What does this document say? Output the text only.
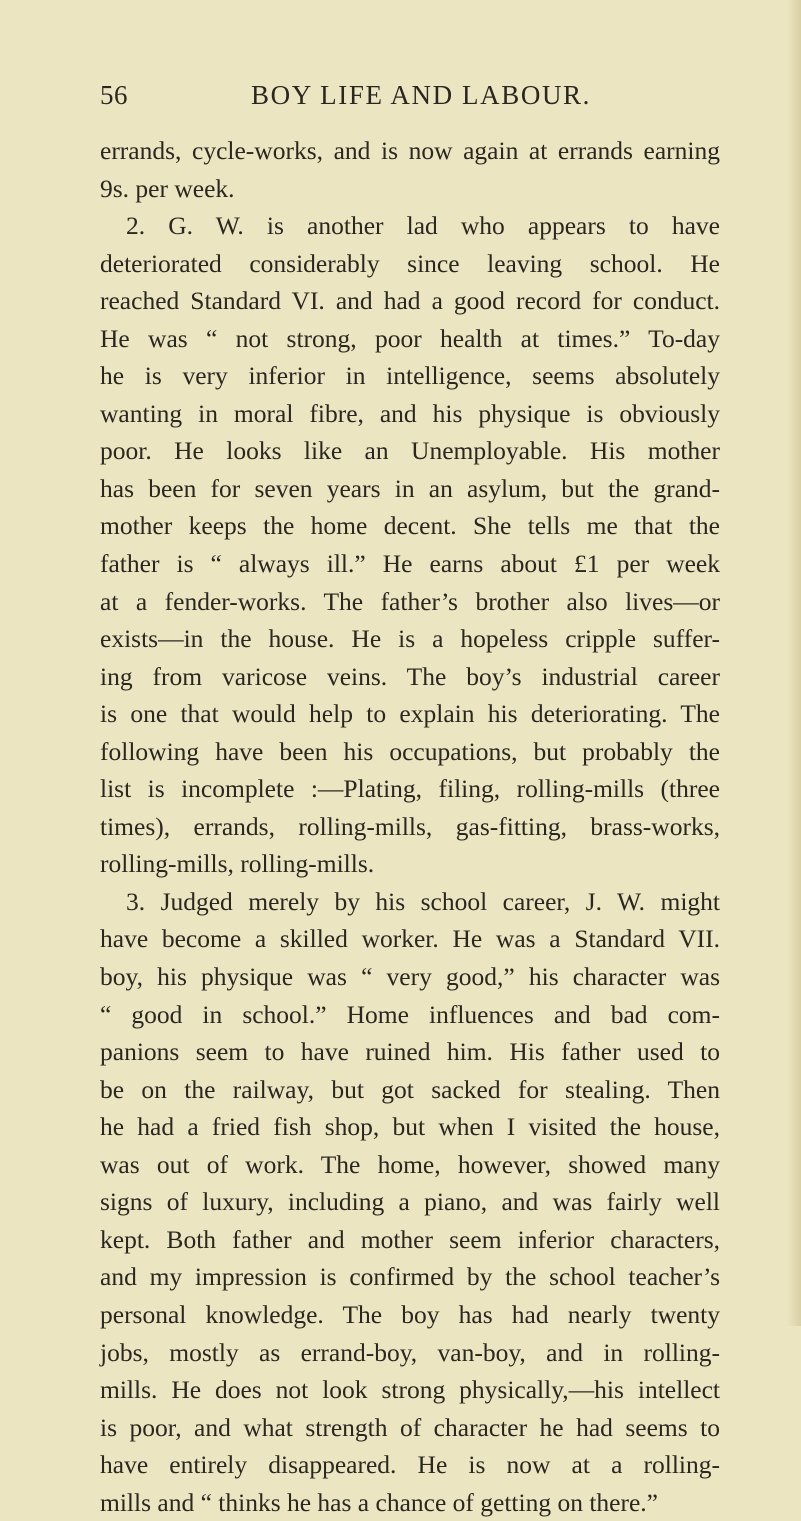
56	BOY LIFE AND LABOUR.

errands, cycle-works, and is now again at errands earning

9s. per week.

2. G. W. is another lad who appears to have

deteriorated considerably since leaving school. He

reached Standard VI. and had a good record for conduct.

He was “ not strong, poor health at times.” To-day

he is very inferior in intelligence, seems absolutely

wanting in moral fibre, and his physique is obviously

poor. He looks like an Unemployable. His mother

has been for seven years in an asylum, but the grand-

mother keeps the home decent. She tells me that the

father is “ always ill.” He earns about £1 per week

at a fender-works. The father’s brother also lives—or

exists—in the house. He is a hopeless cripple suffer-

ing from varicose veins. The boy’s industrial career

is one that would help to explain his deteriorating. The

following have been his occupations, but probably the

list is incomplete :—Plating, filing, rolling-mills (three

times), errands, rolling-mills, gas-fitting, brass-works,

rolling-mills, rolling-mills.

3. Judged merely by his school career, J. W. might

have become a skilled worker. He was a Standard VII.

boy, his physique was “ very good,” his character was

“ good in school.” Home influences and bad com-

panions seem to have ruined him. His father used to

be on the railway, but got sacked for stealing. Then

he had a fried fish shop, but when I visited the house,

was out of work. The home, however, showed many

signs of luxury, including a piano, and was fairly well

kept. Both father and mother seem inferior characters,

and my impression is confirmed by the school teacher’s

personal knowledge. The boy has had nearly twenty

jobs, mostly as errand-boy, van-boy, and in rolling-

mills. He does not look strong physically,—his intellect

is poor, and what strength of character he had seems to

have entirely disappeared. He is now at a rolling-

mills and “ thinks he has a chance of getting on there.”
